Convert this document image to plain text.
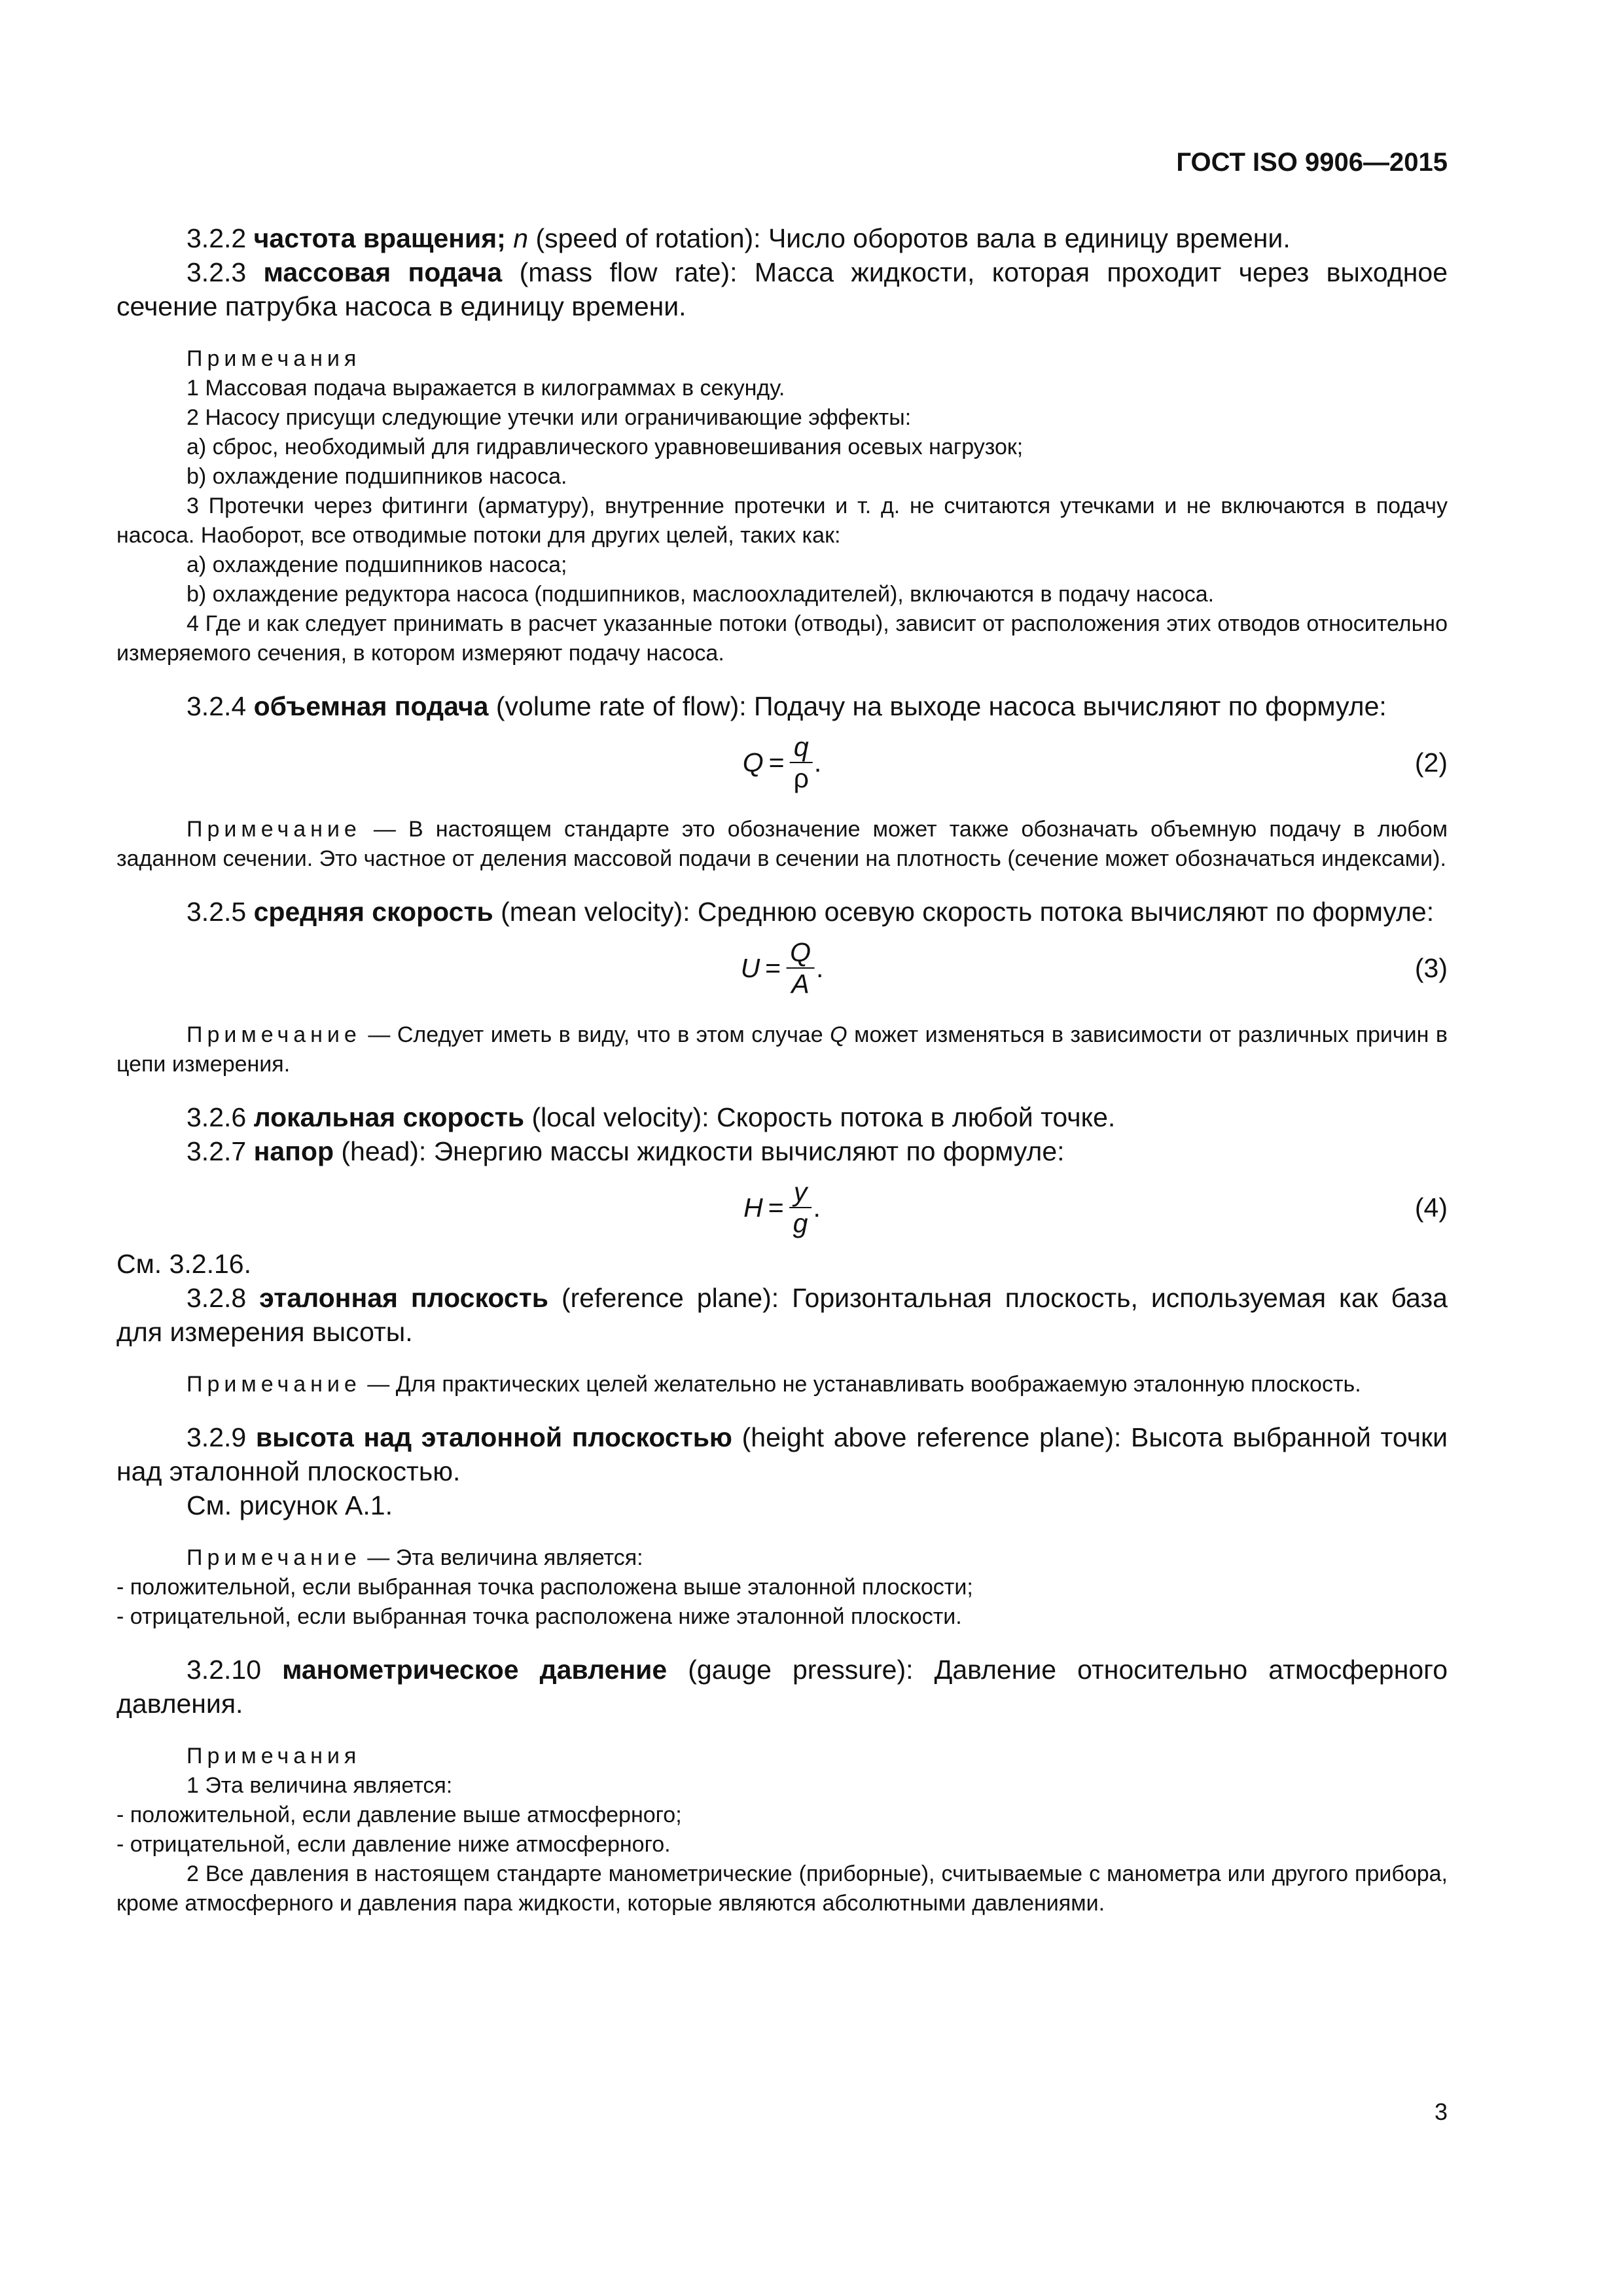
ГОСТ ISO 9906—2015

3.2.2 частота вращения; n (speed of rotation): Число оборотов вала в единицу времени.

3.2.3 массовая подача (mass flow rate): Масса жидкости, которая проходит через выходное сечение патрубка насоса в единицу времени.

Примечания

1 Массовая подача выражается в килограммах в секунду.

2 Насосу присущи следующие утечки или ограничивающие эффекты:

a) сброс, необходимый для гидравлического уравновешивания осевых нагрузок;

b) охлаждение подшипников насоса.

3 Протечки через фитинги (арматуру), внутренние протечки и т. д. не считаются утечками и не включаются в подачу насоса. Наоборот, все отводимые потоки для других целей, таких как:

a) охлаждение подшипников насоса;

b) охлаждение редуктора насоса (подшипников, маслоохладителей), включаются в подачу насоса.

4 Где и как следует принимать в расчет указанные потоки (отводы), зависит от расположения этих отводов относительно измеряемого сечения, в котором измеряют подачу насоса.

3.2.4 объемная подача (volume rate of flow): Подачу на выходе насоса вычисляют по формуле:

$Q = \frac{q}{\rho}$ .	(2)

Примечание — В настоящем стандарте это обозначение может также обозначать объемную подачу в любом заданном сечении. Это частное от деления массовой подачи в сечении на плотность (сечение может обозначаться индексами).

3.2.5 средняя скорость (mean velocity): Среднюю осевую скорость потока вычисляют по формуле:

$U = \frac{Q}{A}$ .	(3)

Примечание — Следует иметь в виду, что в этом случае Q может изменяться в зависимости от различных причин в цепи измерения.

3.2.6 локальная скорость (local velocity): Скорость потока в любой точке.

3.2.7 напор (head): Энергию массы жидкости вычисляют по формуле:

$H = \frac{y}{g}$ .	(4)

См. 3.2.16.

3.2.8 эталонная плоскость (reference plane): Горизонтальная плоскость, используемая как база для измерения высоты.

Примечание — Для практических целей желательно не устанавливать воображаемую эталонную плоскость.

3.2.9 высота над эталонной плоскостью (height above reference plane): Высота выбранной точки над эталонной плоскостью.

См. рисунок А.1.

Примечание — Эта величина является:

- положительной, если выбранная точка расположена выше эталонной плоскости;

- отрицательной, если выбранная точка расположена ниже эталонной плоскости.

3.2.10 манометрическое давление (gauge pressure): Давление относительно атмосферного давления.

Примечания

1 Эта величина является:

- положительной, если давление выше атмосферного;

- отрицательной, если давление ниже атмосферного.

2 Все давления в настоящем стандарте манометрические (приборные), считываемые с манометра или другого прибора, кроме атмосферного и давления пара жидкости, которые являются абсолютными давлениями.

3
